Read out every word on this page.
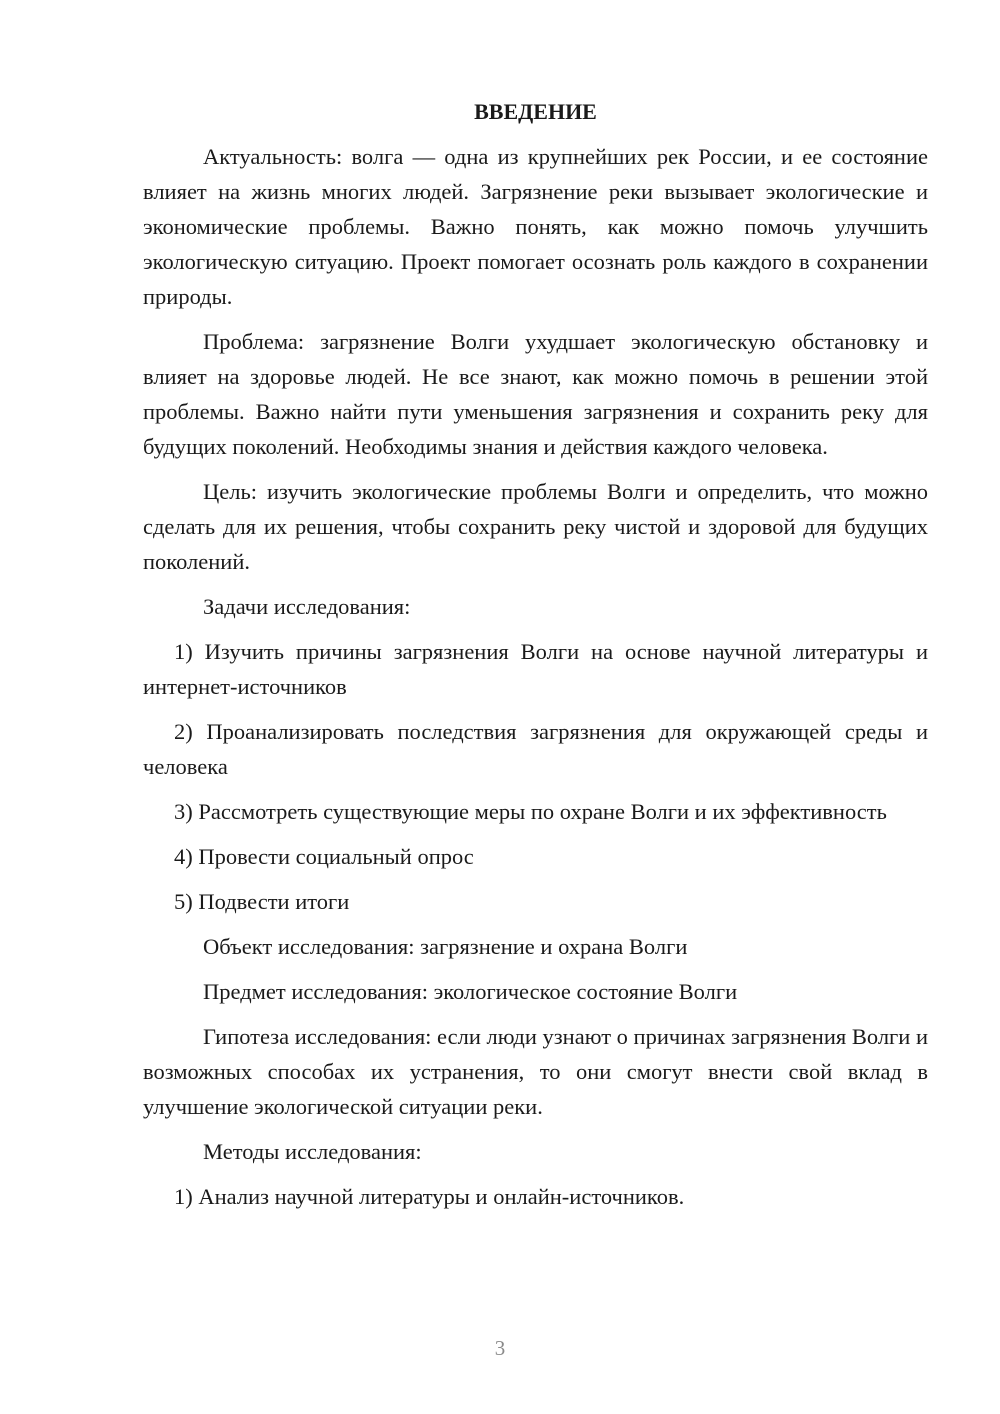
ВВЕДЕНИЕ

Актуальность: волга — одна из крупнейших рек России, и ее состояние влияет на жизнь многих людей. Загрязнение реки вызывает экологические и экономические проблемы. Важно понять, как можно помочь улучшить экологическую ситуацию. Проект помогает осознать роль каждого в сохранении природы.

Проблема: загрязнение Волги ухудшает экологическую обстановку и влияет на здоровье людей. Не все знают, как можно помочь в решении этой проблемы. Важно найти пути уменьшения загрязнения и сохранить реку для будущих поколений. Необходимы знания и действия каждого человека.

Цель: изучить экологические проблемы Волги и определить, что можно сделать для их решения, чтобы сохранить реку чистой и здоровой для будущих поколений.

Задачи исследования:

1) Изучить причины загрязнения Волги на основе научной литературы и интернет-источников

2) Проанализировать последствия загрязнения для окружающей среды и человека

3) Рассмотреть существующие меры по охране Волги и их эффективность

4) Провести социальный опрос

5) Подвести итоги

Объект исследования: загрязнение и охрана Волги

Предмет исследования: экологическое состояние Волги

Гипотеза исследования: если люди узнают о причинах загрязнения Волги и возможных способах их устранения, то они смогут внести свой вклад в улучшение экологической ситуации реки.

Методы исследования:

1) Анализ научной литературы и онлайн-источников.

3
